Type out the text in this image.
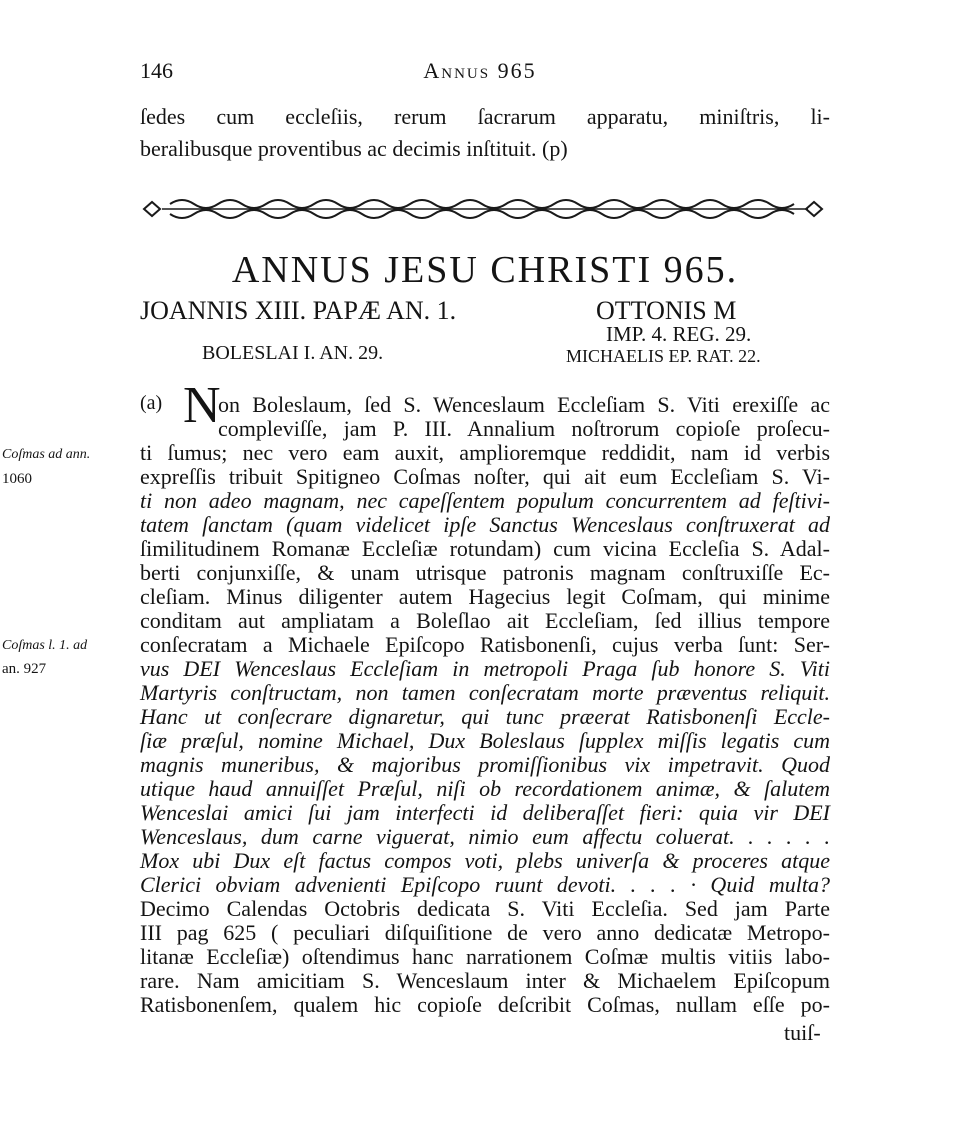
146	Annus 965
ſedes cum eccleſiis, rerum ſacrarum apparatu, miniſtris, li-
beralibusque proventibus ac decimis inſtituit. (p)
ANNUS JESU CHRISTI 965.
JOANNIS XIII. PAPÆ AN. 1.	OTTONIS M
IMP. 4. REG. 29.
BOLESLAI I. AN. 29.	MICHAELIS EP. RAT. 22.
(a) N
on Boleslaum, ſed S. Wenceslaum Eccleſiam S. Viti erexiſſe ac
compleviſſe, jam P. III. Annalium noſtrorum copioſe proſecu-
ti ſumus; nec vero eam auxit, amplioremque reddidit, nam id verbis
expreſſis tribuit Spitigneo Coſmas noſter, qui ait eum Eccleſiam S. Vi-
ti non adeo magnam, nec capeſſentem populum concurrentem ad feſtivi-
tatem ſanctam (quam videlicet ipſe Sanctus Wenceslaus conſtruxerat ad
ſimilitudinem Romanæ Eccleſiæ rotundam) cum vicina Eccleſia S. Adal-
berti conjunxiſſe, & unam utrisque patronis magnam conſtruxiſſe Ec-
cleſiam. Minus diligenter autem Hagecius legit Coſmam, qui minime
conditam aut ampliatam a Boleſlao ait Eccleſiam, ſed illius tempore
conſecratam a Michaele Epiſcopo Ratisbonenſi, cujus verba ſunt: Ser-
vus DEI Wenceslaus Eccleſiam in metropoli Praga ſub honore S. Viti
Martyris conſtructam, non tamen conſecratam morte præventus reliquit.
Hanc ut conſecrare dignaretur, qui tunc præerat Ratisbonenſi Eccle-
ſiæ præſul, nomine Michael, Dux Boleslaus ſupplex miſſis legatis cum
magnis muneribus, & majoribus promiſſionibus vix impetravit. Quod
utique haud annuiſſet Præſul, niſi ob recordationem animæ, & ſalutem
Wenceslai amici ſui jam interfecti id deliberaſſet fieri: quia vir DEI
Wenceslaus, dum carne viguerat, nimio eum affectu coluerat. . . . . .
Mox ubi Dux eſt factus compos voti, plebs univerſa & proceres atque
Clerici obviam advenienti Epiſcopo ruunt devoti. . . . · Quid multa?
Decimo Calendas Octobris dedicata S. Viti Eccleſia. Sed jam Parte
III pag 625 ( peculiari diſquiſitione de vero anno dedicatæ Metropo-
litanæ Eccleſiæ) oſtendimus hanc narrationem Coſmæ multis vitiis labo-
rare. Nam amicitiam S. Wenceslaum inter & Michaelem Epiſcopum
Ratisbonenſem, qualem hic copioſe deſcribit Coſmas, nullam eſſe po-
tuiſ-
Coſmas ad ann.
1060
Coſmas l. 1. ad
an. 927
